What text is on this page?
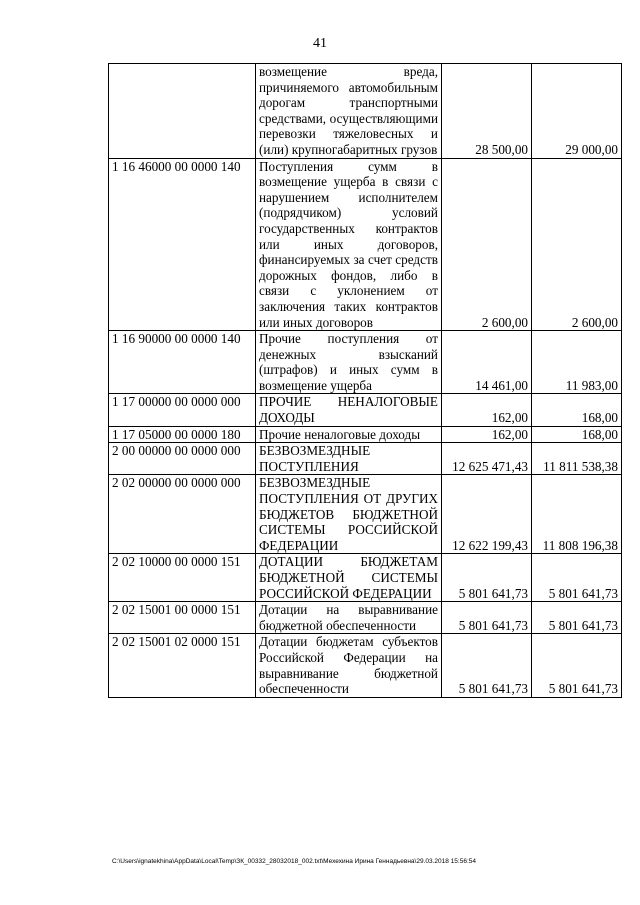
41
	возмещение вреда, причиняемого автомобильным дорогам транспортными средствами, осуществляющими перевозки тяжеловесных и (или) крупногабаритных грузов	28 500,00	29 000,00
1 16 46000 00 0000 140	Поступления сумм в возмещение ущерба в связи с нарушением исполнителем (подрядчиком) условий государственных контрактов или иных договоров, финансируемых за счет средств дорожных фондов, либо в связи с уклонением от заключения таких контрактов или иных договоров	2 600,00	2 600,00
1 16 90000 00 0000 140	Прочие поступления от денежных взысканий (штрафов) и иных сумм в возмещение ущерба	14 461,00	11 983,00
1 17 00000 00 0000 000	ПРОЧИЕ НЕНАЛОГОВЫЕ ДОХОДЫ	162,00	168,00
1 17 05000 00 0000 180	Прочие неналоговые доходы	162,00	168,00
2 00 00000 00 0000 000	БЕЗВОЗМЕЗДНЫЕ ПОСТУПЛЕНИЯ	12 625 471,43	11 811 538,38
2 02 00000 00 0000 000	БЕЗВОЗМЕЗДНЫЕ ПОСТУПЛЕНИЯ ОТ ДРУГИХ БЮДЖЕТОВ БЮДЖЕТНОЙ СИСТЕМЫ РОССИЙСКОЙ ФЕДЕРАЦИИ	12 622 199,43	11 808 196,38
2 02 10000 00 0000 151	ДОТАЦИИ БЮДЖЕТАМ БЮДЖЕТНОЙ СИСТЕМЫ РОССИЙСКОЙ ФЕДЕРАЦИИ	5 801 641,73	5 801 641,73
2 02 15001 00 0000 151	Дотации на выравнивание бюджетной обеспеченности	5 801 641,73	5 801 641,73
2 02 15001 02 0000 151	Дотации бюджетам субъектов Российской Федерации на выравнивание бюджетной обеспеченности	5 801 641,73	5 801 641,73
C:\Users\ignatekhina\AppData\Local\Temp\ЗК_00332_28032018_002.txt\Мехехина Ирина Геннадьевна\29.03.2018 15:56:54
